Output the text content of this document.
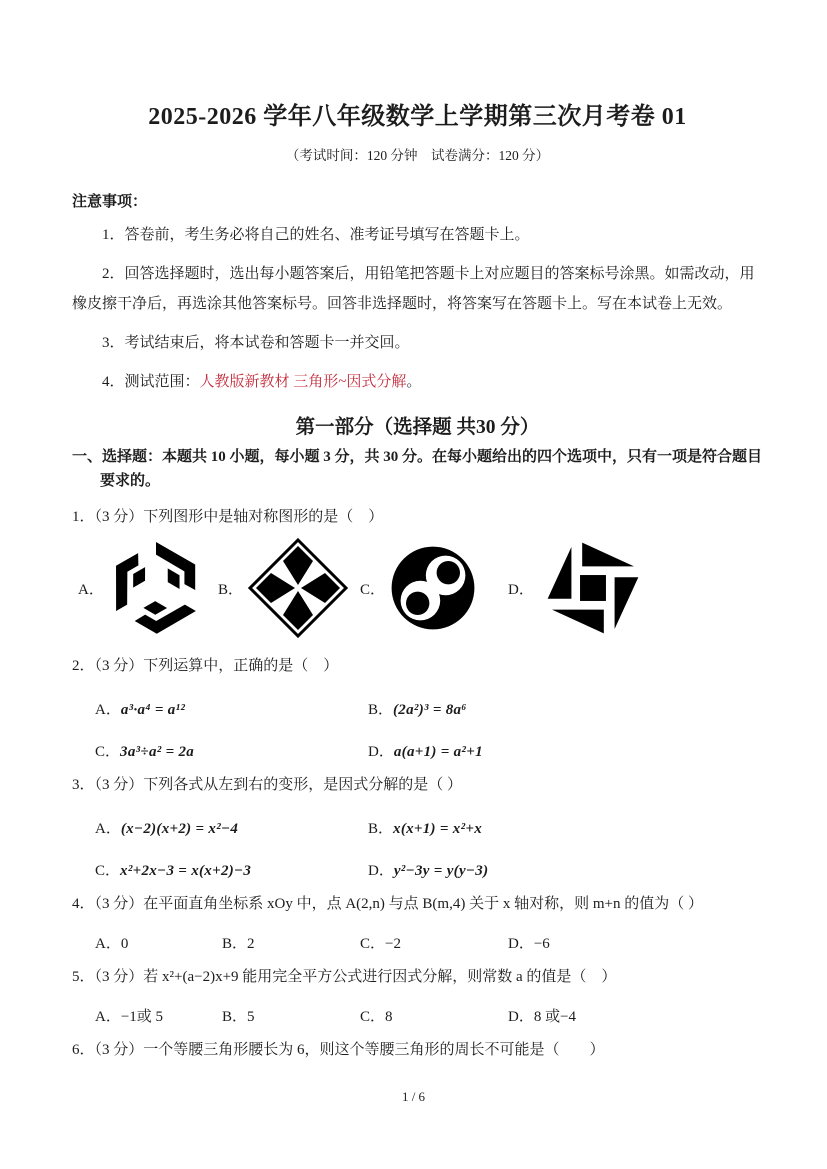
2025-2026 学年八年级数学上学期第三次月考卷 01
（考试时间：120 分钟　试卷满分：120 分）
注意事项：

1．答卷前，考生务必将自己的姓名、准考证号填写在答题卡上。

2．回答选择题时，选出每小题答案后，用铅笔把答题卡上对应题目的答案标号涂黑。如需改动，用橡皮擦干净后，再选涂其他答案标号。回答非选择题时，将答案写在答题卡上。写在本试卷上无效。

3．考试结束后，将本试卷和答题卡一并交回。

4．测试范围：人教版新教材 三角形~因式分解。

第一部分（选择题 共30 分）

一、选择题：本题共 10 小题，每小题 3 分，共 30 分。在每小题给出的四个选项中，只有一项是符合题目要求的。

1．（3 分）下列图形中是轴对称图形的是（　）
A．	B．	C．	D．
2．（3 分）下列运算中，正确的是（　）
A．a³·a⁴ = a¹²	B．(2a²)³ = 8a⁶
C．3a³÷a² = 2a	D．a(a+1) = a²+1
3．（3 分）下列各式从左到右的变形，是因式分解的是（ ）
A．(x−2)(x+2) = x²−4	B．x(x+1) = x²+x
C．x²+2x−3 = x(x+2)−3	D．y²−3y = y(y−3)
4．（3 分）在平面直角坐标系 xOy 中，点 A(2,n) 与点 B(m,4) 关于 x 轴对称，则 m+n 的值为（ ）
A．0	B．2	C．−2	D．−6
5．（3 分）若 x²+(a−2)x+9 能用完全平方公式进行因式分解，则常数 a 的值是（　）
A．−1或 5	B．5	C．8	D．8 或−4
6．（3 分）一个等腰三角形腰长为 6，则这个等腰三角形的周长不可能是（　　）
1 / 6
